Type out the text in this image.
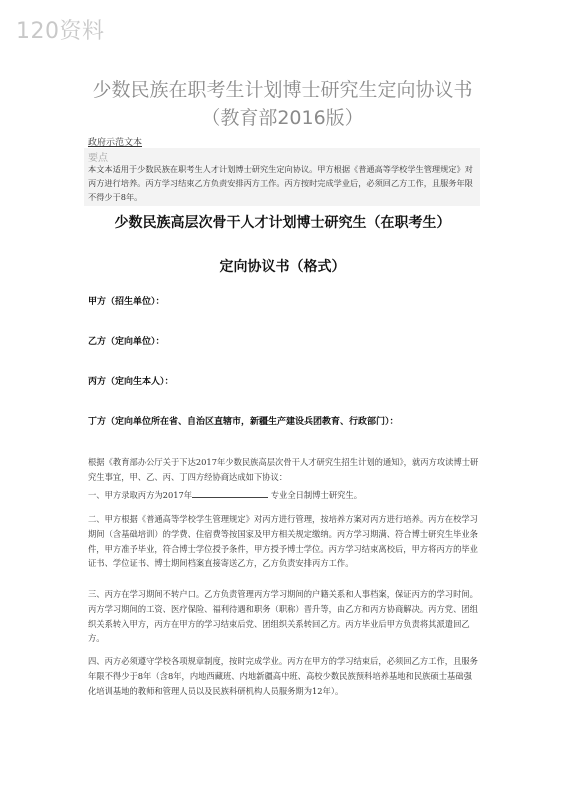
120资料
少数民族在职考生计划博士研究生定向协议书
（教育部2016版）
政府示范文本
要点
本文本适用于少数民族在职考生人才计划博士研究生定向协议。甲方根据《普通高等学校学生管理规定》对丙方进行培养。丙方学习结束乙方负责安排丙方工作。丙方按时完成学业后，必须回乙方工作，且服务年限不得少于8年。
少数民族高层次骨干人才计划博士研究生（在职考生）
定向协议书（格式）
甲方（招生单位）：
乙方（定向单位）：
丙方（定向生本人）：
丁方（定向单位所在省、自治区直辖市，新疆生产建设兵团教育、行政部门）：
根据《教育部办公厅关于下达2017年少数民族高层次骨干人才研究生招生计划的通知》，就丙方攻读博士研究生事宜，甲、乙、丙、丁四方经协商达成如下协议：
一、甲方录取丙方为2017年	专业全日制博士研究生。
二、甲方根据《普通高等学校学生管理规定》对丙方进行管理，按培养方案对丙方进行培养。丙方在校学习期间（含基础培训）的学费、住宿费等按国家及甲方相关规定缴纳。丙方学习期满、符合博士研究生毕业条件，甲方准予毕业，符合博士学位授予条件，甲方授予博士学位。丙方学习结束离校后，甲方将丙方的毕业证书、学位证书、博士期间档案直接寄送乙方，乙方负责安排丙方工作。
三、丙方在学习期间不转户口。乙方负责管理丙方学习期间的户籍关系和人事档案，保证丙方的学习时间。丙方学习期间的工资、医疗保险、福利待遇和职务（职称）晋升等，由乙方和丙方协商解决。丙方党、团组织关系转入甲方，丙方在甲方的学习结束后党、团组织关系转回乙方。丙方毕业后甲方负责将其派遣回乙方。
四、丙方必须遵守学校各项规章制度，按时完成学业。丙方在甲方的学习结束后，必须回乙方工作，且服务年限不得少于8年（含8年，内地西藏班、内地新疆高中班、高校少数民族预科培养基地和民族硕士基础强化培训基地的教师和管理人员以及民族科研机构人员服务期为12年）。
